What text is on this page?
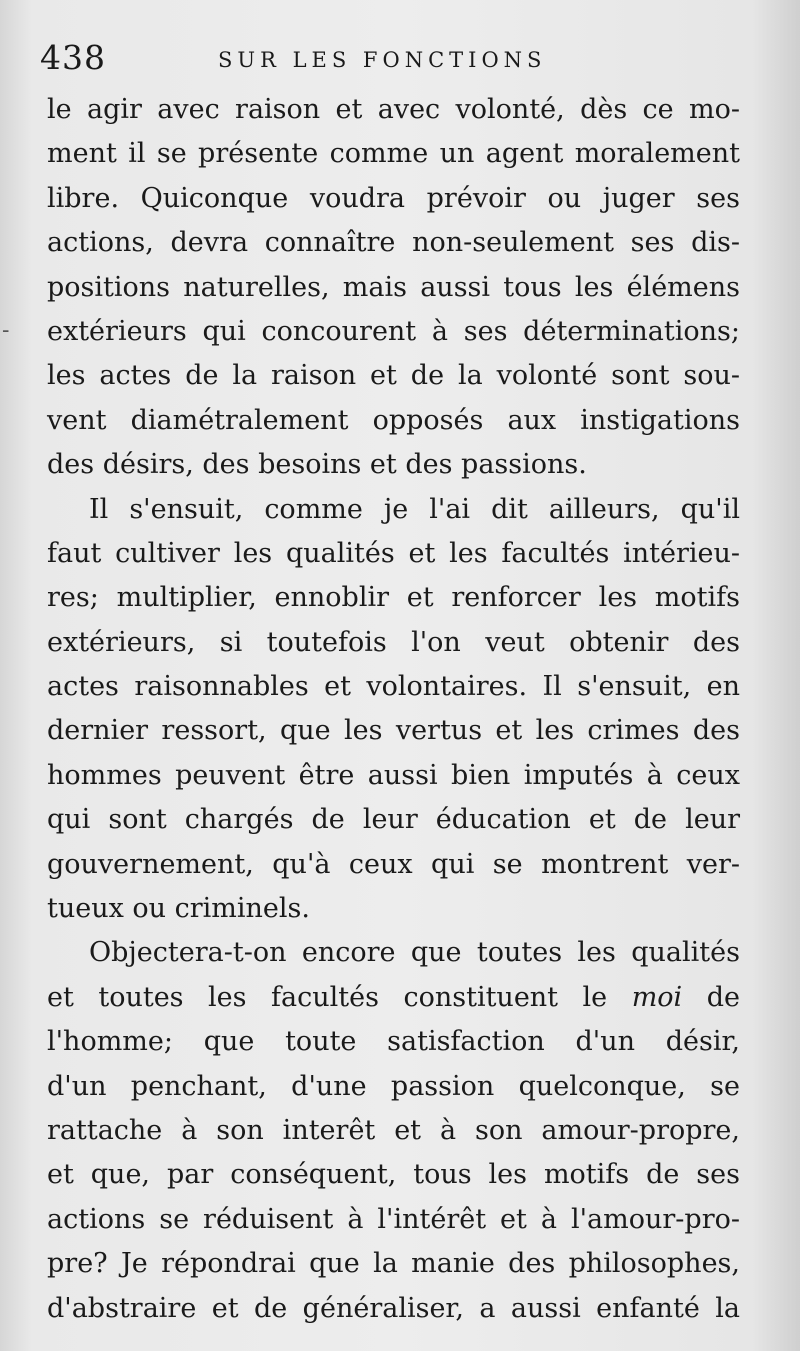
438	SUR LES FONCTIONS
-
le agir avec raison et avec volonté, dès ce mo-
ment il se présente comme un agent moralement
libre. Quiconque voudra prévoir ou juger ses
actions, devra connaître non-seulement ses dis-
positions naturelles, mais aussi tous les élémens
extérieurs qui concourent à ses déterminations;
les actes de la raison et de la volonté sont sou-
vent diamétralement opposés aux instigations
des désirs, des besoins et des passions.
Il s'ensuit, comme je l'ai dit ailleurs, qu'il
faut cultiver les qualités et les facultés intérieu-
res; multiplier, ennoblir et renforcer les motifs
extérieurs, si toutefois l'on veut obtenir des
actes raisonnables et volontaires. Il s'ensuit, en
dernier ressort, que les vertus et les crimes des
hommes peuvent être aussi bien imputés à ceux
qui sont chargés de leur éducation et de leur
gouvernement, qu'à ceux qui se montrent ver-
tueux ou criminels.
Objectera-t-on encore que toutes les qualités
et toutes les facultés constituent le moi de
l'homme; que toute satisfaction d'un désir,
d'un penchant, d'une passion quelconque, se
rattache à son interêt et à son amour-propre,
et que, par conséquent, tous les motifs de ses
actions se réduisent à l'intérêt et à l'amour-pro-
pre? Je répondrai que la manie des philosophes,
d'abstraire et de généraliser, a aussi enfanté la
